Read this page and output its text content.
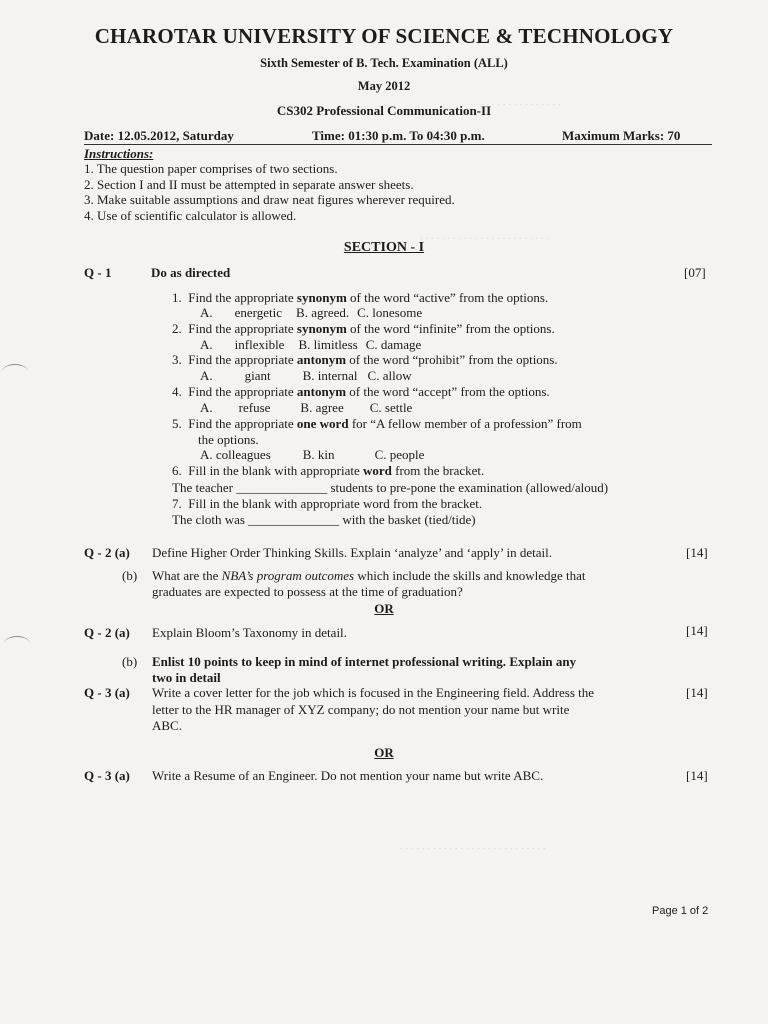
. . . . . . . . . . . . . . . . .
. . . . . . . . . . . . . . . . . . . . . . . .
. . . . . . . . . . . . . . . . . . . . . . . . . . .
CHAROTAR UNIVERSITY OF SCIENCE & TECHNOLOGY
Sixth Semester of B. Tech. Examination (ALL)
May 2012
CS302 Professional Communication-II
Date: 12.05.2012, Saturday	Time: 01:30 p.m. To 04:30 p.m.	Maximum Marks: 70
Instructions:
1. The question paper comprises of two sections.
2. Section I and II must be attempted in separate answer sheets.
3. Make suitable assumptions and draw neat figures wherever required.
4. Use of scientific calculator is allowed.
SECTION - I
Q - 1	Do as directed	[07]
1. Find the appropriate synonym of the word “active” from the options.
A. energetic B. agreed. C. lonesome
2. Find the appropriate synonym of the word “infinite” from the options.
A. inflexible B. limitless C. damage
3. Find the appropriate antonym of the word “prohibit” from the options.
A. giant B. internal C. allow
4. Find the appropriate antonym of the word “accept” from the options.
A. refuse B. agree C. settle
5. Find the appropriate one word for “A fellow member of a profession” from
the options.
A. colleagues B. kin	C. people
6. Fill in the blank with appropriate word from the bracket.
The teacher ______________ students to pre-pone the examination (allowed/aloud)
7. Fill in the blank with appropriate word from the bracket.
The cloth was ______________ with the basket (tied/tide)
Q - 2 (a) Define Higher Order Thinking Skills. Explain ‘analyze’ and ‘apply’ in detail.	[14]
(b) What are the NBA’s program outcomes which include the skills and knowledge that
graduates are expected to possess at the time of graduation?
OR
Q - 2 (a) Explain Bloom’s Taxonomy in detail.	[14]
(b) Enlist 10 points to keep in mind of internet professional writing. Explain any
two in detail
Q - 3 (a) Write a cover letter for the job which is focused in the Engineering field. Address the	[14]
letter to the HR manager of XYZ company; do not mention your name but write
ABC.
OR
Q - 3 (a) Write a Resume of an Engineer. Do not mention your name but write ABC.	[14]
Page 1 of 2
